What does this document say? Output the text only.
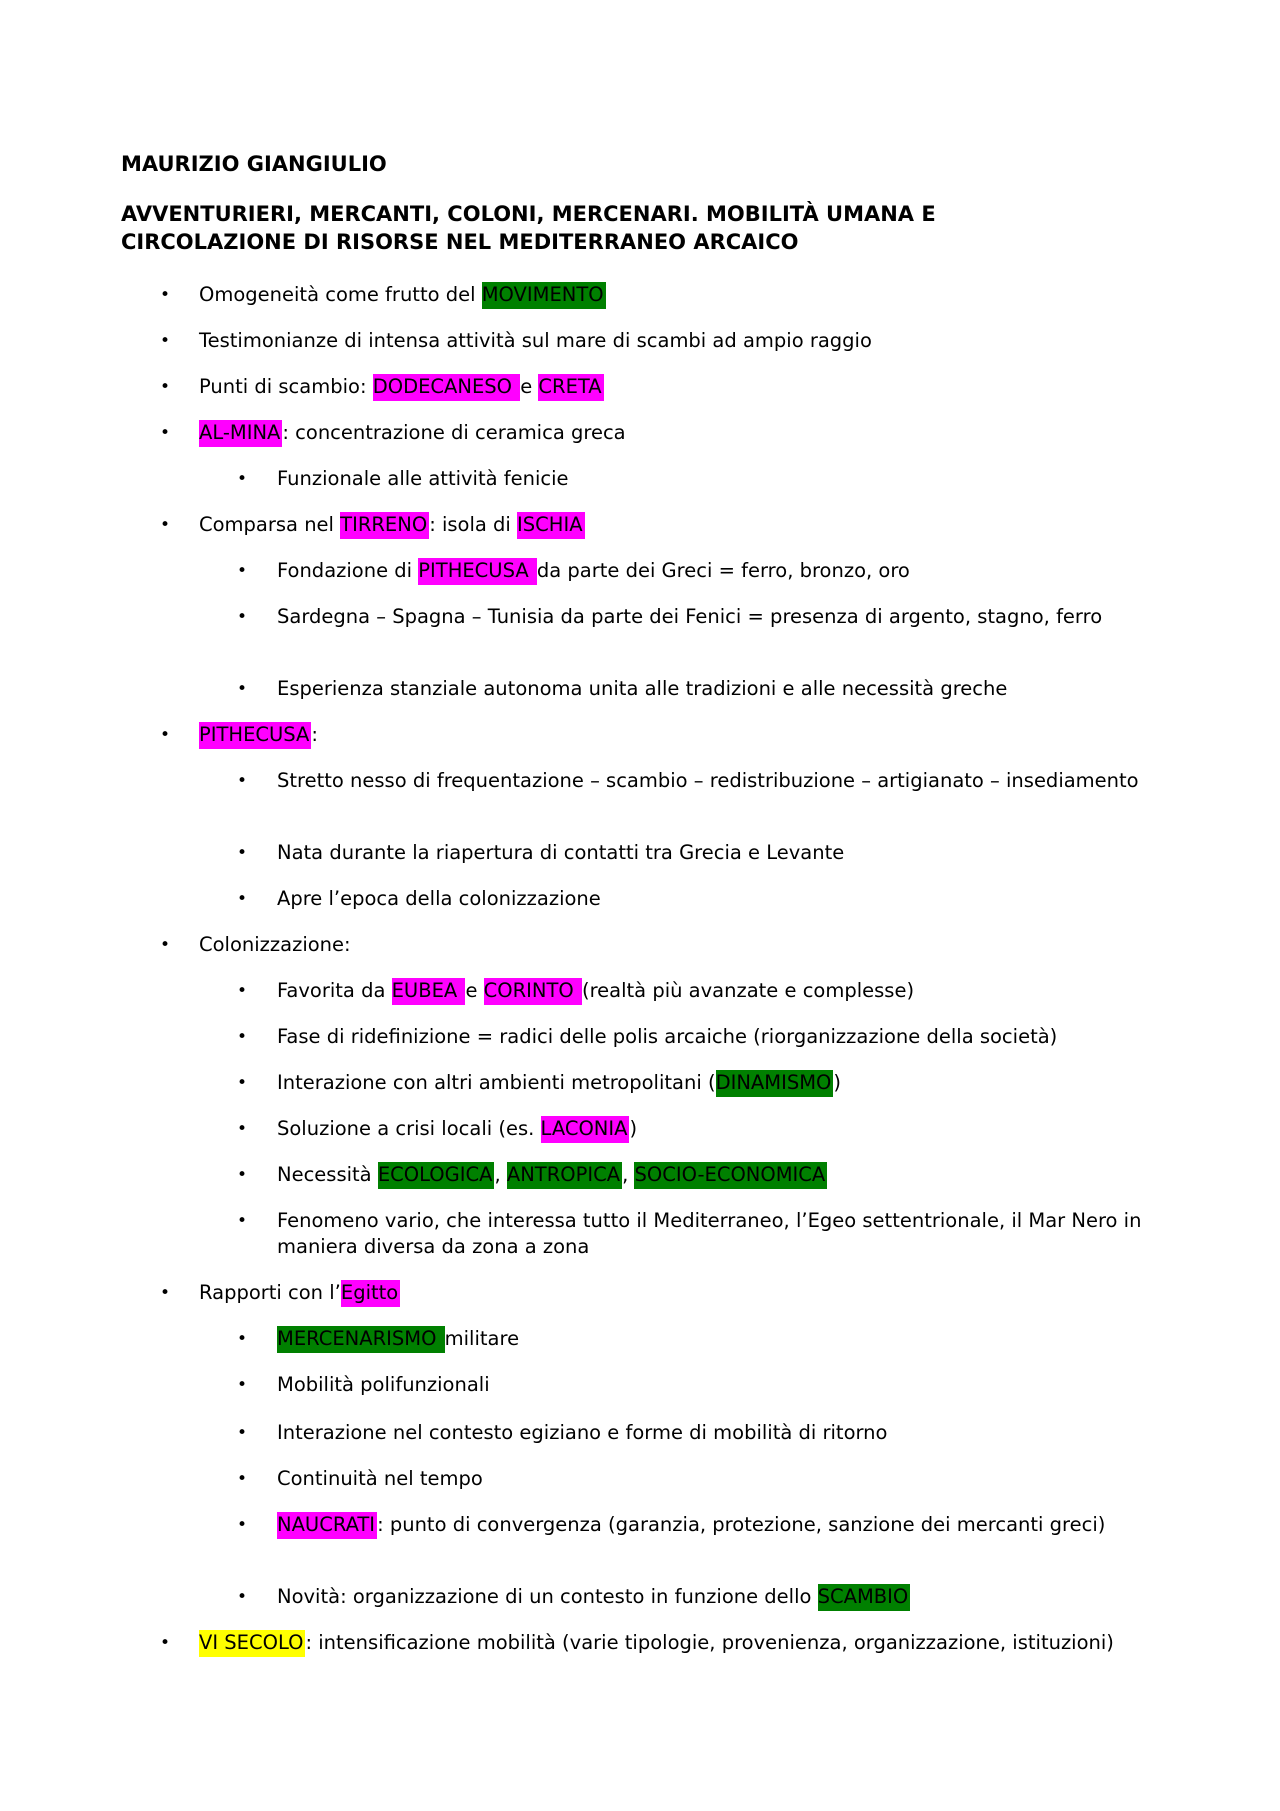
MAURIZIO GIANGIULIO
AVVENTURIERI, MERCANTI, COLONI, MERCENARI. MOBILITÀ UMANA E CIRCOLAZIONE DI RISORSE NEL MEDITERRANEO ARCAICO
• Omogeneità come frutto del MOVIMENTO
• Testimonianze di intensa attività sul mare di scambi ad ampio raggio
• Punti di scambio: DODECANESO e CRETA
• AL-MINA : concentrazione di ceramica greca
• Funzionale alle attività fenicie
• Comparsa nel TIRRENO : isola di ISCHIA
• Fondazione di PITHECUSA da parte dei Greci = ferro, bronzo, oro
• Sardegna – Spagna – Tunisia da parte dei Fenici = presenza di argento, stagno, ferro
• Esperienza stanziale autonoma unita alle tradizioni e alle necessità greche
• PITHECUSA :
• Stretto nesso di frequentazione – scambio – redistribuzione – artigianato – insediamento
• Nata durante la riapertura di contatti tra Grecia e Levante
• Apre l’epoca della colonizzazione
• Colonizzazione:
• Favorita da EUBEA e CORINTO (realtà più avanzate e complesse)
• Fase di ridefinizione = radici delle polis arcaiche (riorganizzazione della società)
• Interazione con altri ambienti metropolitani (DINAMISMO )
• Soluzione a crisi locali (es. LACONIA )
• Necessità ECOLOGICA , ANTROPICA , SOCIO-ECONOMICA
• Fenomeno vario, che interessa tutto il Mediterraneo, l’Egeo settentrionale, il Mar Nero in maniera diversa da zona a zona
• Rapporti con l’Egitto
• MERCENARISMO militare
• Mobilità polifunzionali
• Interazione nel contesto egiziano e forme di mobilità di ritorno
• Continuità nel tempo
• NAUCRATI : punto di convergenza (garanzia, protezione, sanzione dei mercanti greci)
• Novità: organizzazione di un contesto in funzione dello SCAMBIO
• VI SECOLO : intensificazione mobilità (varie tipologie, provenienza, organizzazione, istituzioni)
